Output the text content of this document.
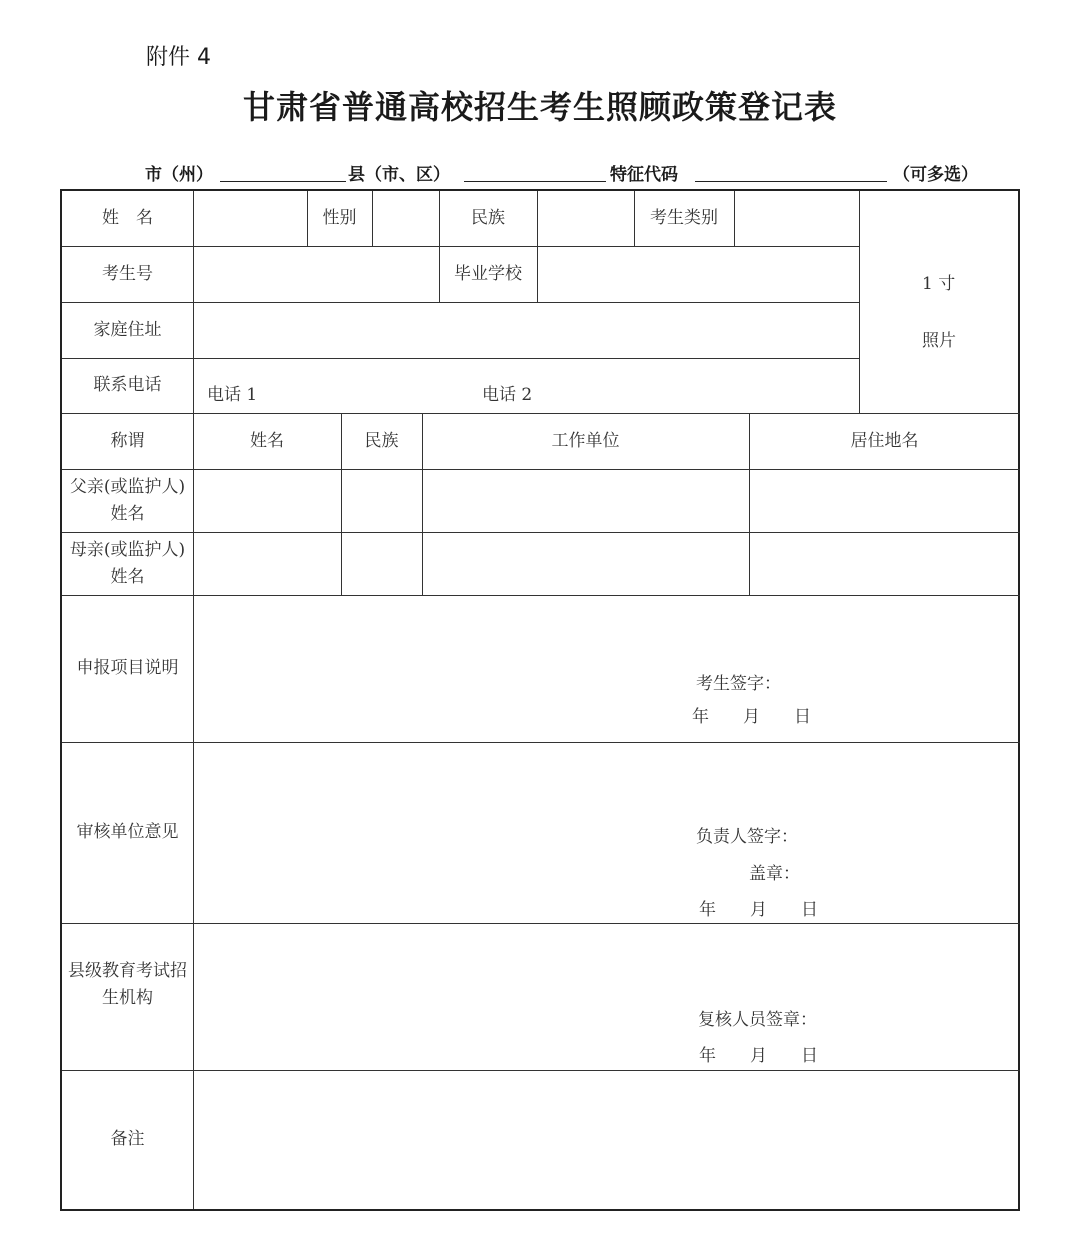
附件 4
甘肃省普通高校招生考生照顾政策登记表
市（州）	县（市、区）	特征代码	（可多选）
姓　名	性别	民族	考生类别
1 寸
照片
考生号	毕业学校
家庭住址
联系电话	电话 1	电话 2
称谓	姓名	民族	工作单位	居住地名
父亲(或监护人)姓名
母亲(或监护人)姓名
申报项目说明
考生签字：
年　　月　　日
审核单位意见	负责人签字：
盖章：
年　　月　　日
县级教育考试招生机构
复核人员签章：
年　　月　　日
备注
